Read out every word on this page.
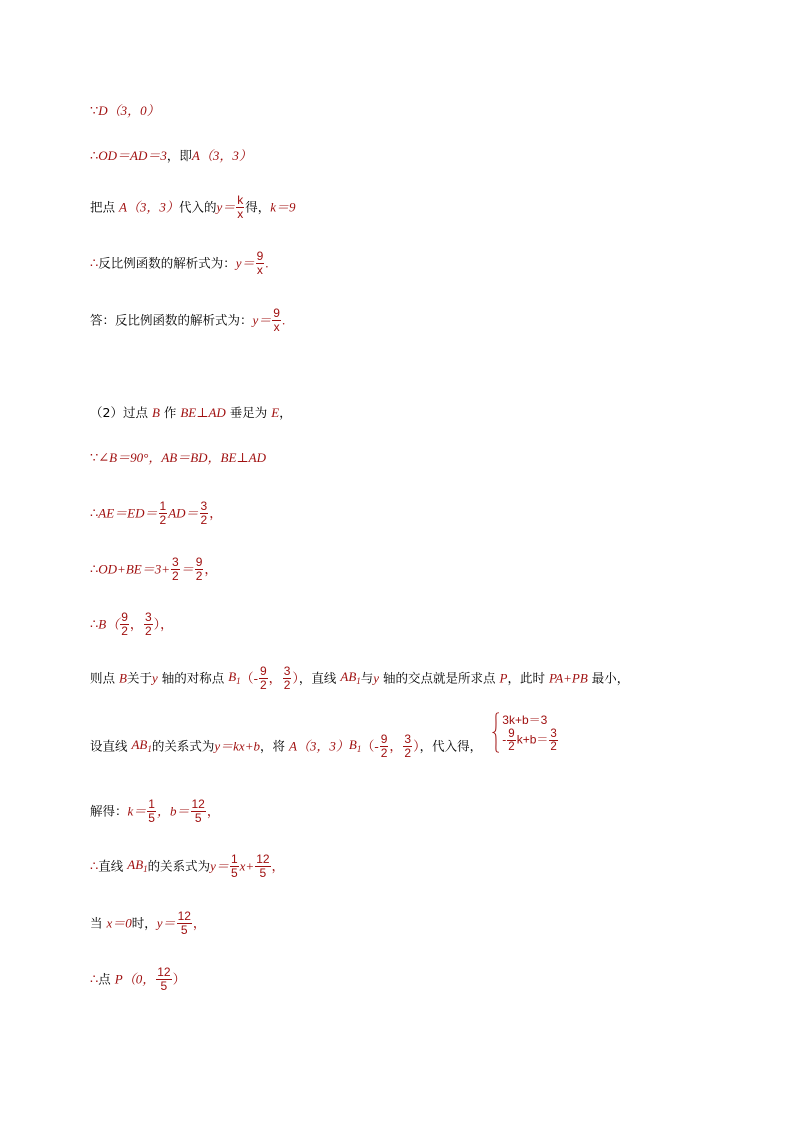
∵D（3，0）
∴OD＝AD＝3，即A（3，3）
把点 A（3，3）代入的$y= \frac{k}{x}$ 得，k＝9
∴反比例函数的解析式为：$y= \frac{9}{x}$ .
答：反比例函数的解析式为：$y= \frac{9}{x}$ .
（2）过点 B 作 BE⊥AD 垂足为 E，
∵∠B＝90°，AB＝BD，BE⊥AD
∴AE＝ED＝ $\frac{1}{2} AD= \frac{3}{2}$ ，
∴OD+BE＝3+ $\frac{3}{2} = \frac{9}{2}$ ，
∴B（ $\frac{9}{2}$ ， $\frac{3}{2}$ ），
则点 B关于y 轴的对称点 $B_1(- \frac{9}{2}$ ， $\frac{3}{2}$ ），直线 $AB_1$与y 轴的交点就是所求点 P，此时 PA+PB 最小，
设直线 $AB_1$的关系式为y＝kx+b，将 A（3，$3)B_1(- \frac{9}{2}$ ， $\frac{3}{2}$ ），代入得，
3k+b＝3
- $\frac{9}{2} k+b= \frac{3}{2}$
解得：$k= \frac{1}{5}$ ，$b= \frac{12}{5}$ ，
∴直线 $AB_1$的关系式为$y= \frac{1}{5} x+ \frac{12}{5}$ ，
当 x＝0时，$y= \frac{12}{5}$ ，
∴点 P（0， $\frac{12}{5}$ ）
